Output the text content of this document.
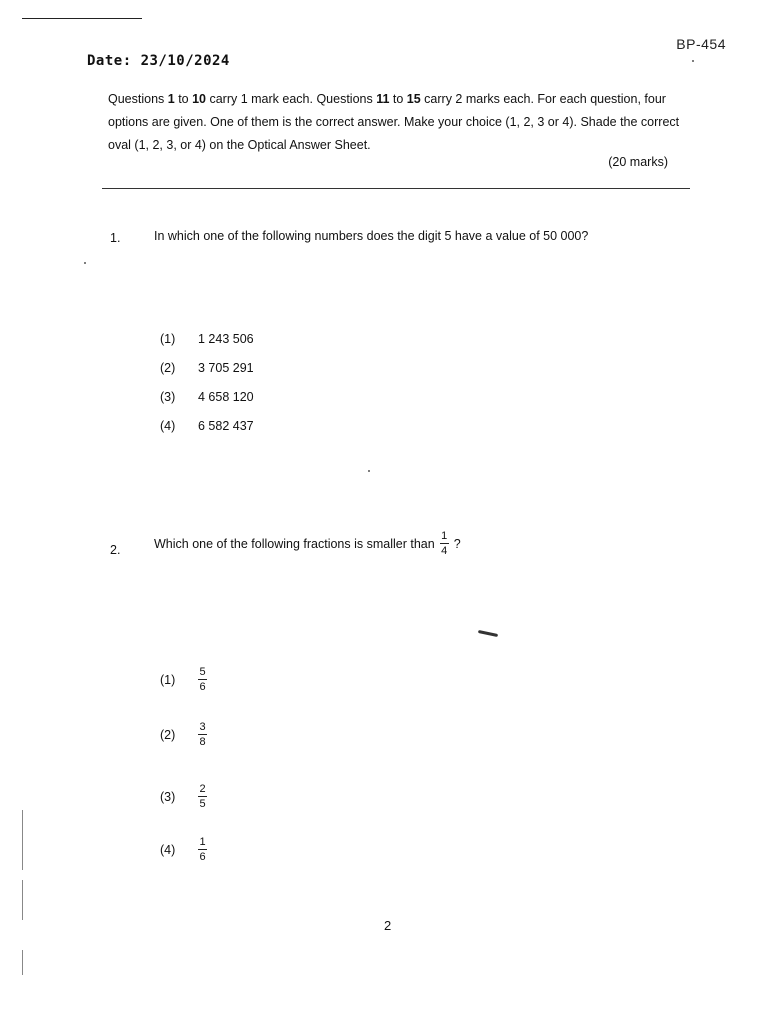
BP-454
Date: 23/10/2024
Questions 1 to 10 carry 1 mark each. Questions 11 to 15 carry 2 marks each. For each question, four options are given. One of them is the correct answer. Make your choice (1, 2, 3 or 4). Shade the correct oval (1, 2, 3, or 4) on the Optical Answer Sheet.
(20 marks)
1.	In which one of the following numbers does the digit 5 have a value of 50 000?
(1)	1 243 506
(2)	3 705 291
(3)	4 658 120
(4)	6 582 437
2.	Which one of the following fractions is smaller than $\frac{1}{4}$ ?
(1)	$\frac{5}{6}$
(2)	$\frac{3}{8}$
(3)	$\frac{2}{5}$
(4)	$\frac{1}{6}$
2
